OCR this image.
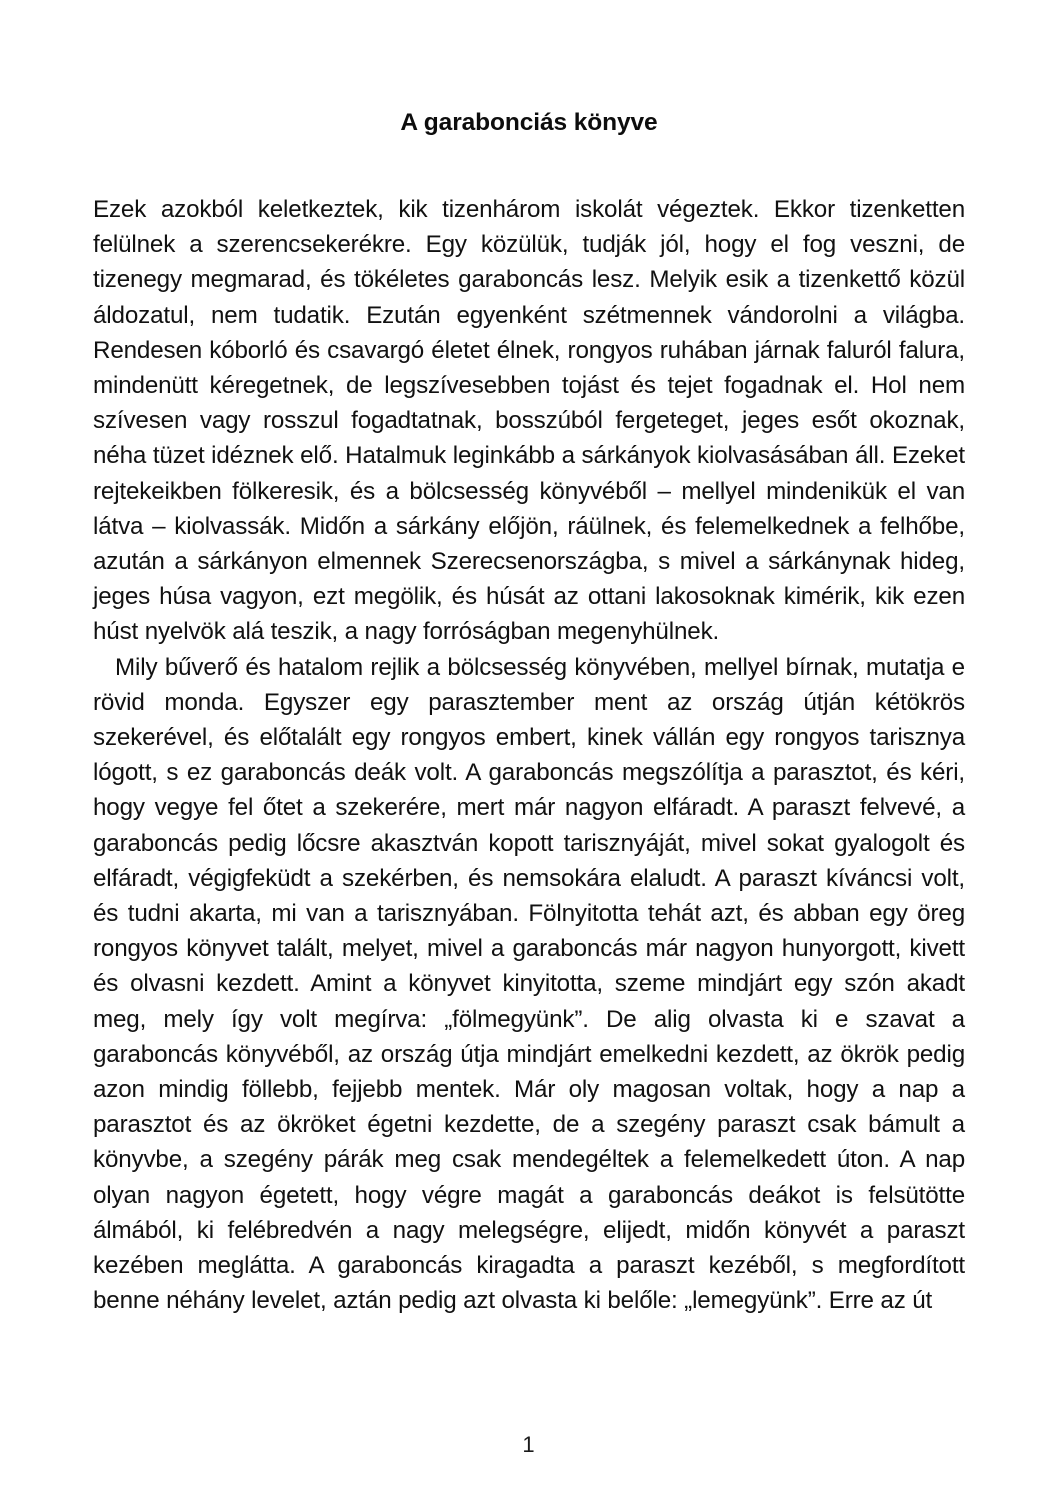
A garabonciás könyve

Ezek azokból keletkeztek, kik tizenhárom iskolát végeztek. Ekkor tizenketten felülnek a szerencsekerékre. Egy közülük, tudják jól, hogy el fog veszni, de tizenegy megmarad, és tökéletes garaboncás lesz. Melyik esik a tizenkettő közül áldozatul, nem tudatik. Ezután egyenként szétmennek vándorolni a világba. Rendesen kóborló és csavargó életet élnek, rongyos ruhában járnak faluról falura, mindenütt kéregetnek, de legszívesebben tojást és tejet fogadnak el. Hol nem szívesen vagy rosszul fogadtatnak, bosszúból fergeteget, jeges esőt okoznak, néha tüzet idéznek elő. Hatalmuk leginkább a sárkányok kiolvasásában áll. Ezeket rejtekeikben fölkeresik, és a bölcsesség könyvéből – mellyel mindenikük el van látva – kiolvassák. Midőn a sárkány előjön, ráülnek, és felemelkednek a felhőbe, azután a sárkányon elmennek Szerecsenországba, s mivel a sárkánynak hideg, jeges húsa vagyon, ezt megölik, és húsát az ottani lakosoknak kimérik, kik ezen húst nyelvök alá teszik, a nagy forróságban megenyhülnek.

Mily bűverő és hatalom rejlik a bölcsesség könyvében, mellyel bírnak, mutatja e rövid monda. Egyszer egy parasztember ment az ország útján kétökrös szekerével, és előtalált egy rongyos embert, kinek vállán egy rongyos tarisznya lógott, s ez garaboncás deák volt. A garaboncás megszólítja a parasztot, és kéri, hogy vegye fel őtet a szekerére, mert már nagyon elfáradt. A paraszt felvevé, a garaboncás pedig lőcsre akasztván kopott tarisznyáját, mivel sokat gyalogolt és elfáradt, végigfeküdt a szekérben, és nemsokára elaludt. A paraszt kíváncsi volt, és tudni akarta, mi van a tarisznyában. Fölnyitotta tehát azt, és abban egy öreg rongyos könyvet talált, melyet, mivel a garaboncás már nagyon hunyorgott, kivett és olvasni kezdett. Amint a könyvet kinyitotta, szeme mindjárt egy szón akadt meg, mely így volt megírva: „fölmegyünk”. De alig olvasta ki e szavat a garaboncás könyvéből, az ország útja mindjárt emelkedni kezdett, az ökrök pedig azon mindig föllebb, fejjebb mentek. Már oly magosan voltak, hogy a nap a parasztot és az ökröket égetni kezdette, de a szegény paraszt csak bámult a könyvbe, a szegény párák meg csak mendegéltek a felemelkedett úton. A nap olyan nagyon égetett, hogy végre magát a garaboncás deákot is felsütötte álmából, ki felébredvén a nagy melegségre, elijedt, midőn könyvét a paraszt kezében meglátta. A garaboncás kiragadta a paraszt kezéből, s megfordított benne néhány levelet, aztán pedig azt olvasta ki belőle: „lemegyünk”. Erre az út

1
